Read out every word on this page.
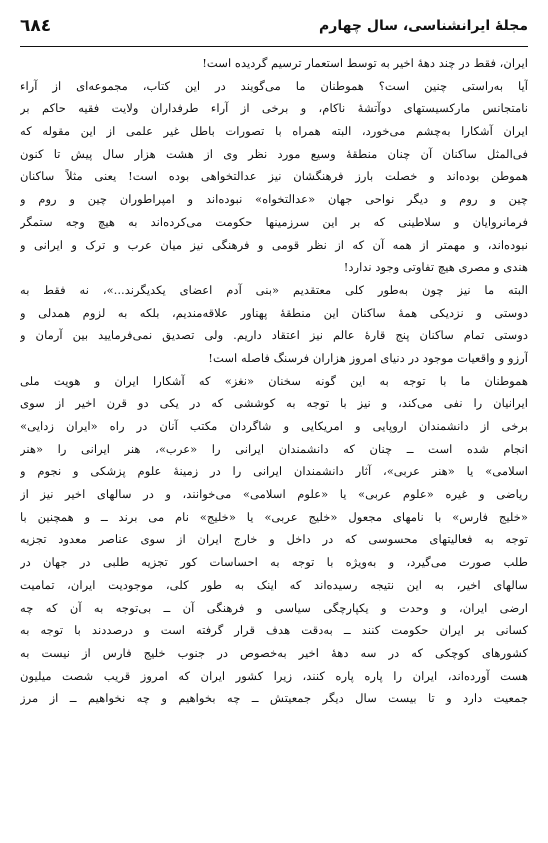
٦٨٤	مجلهٔ ایرانشناسی، سال چهارم
ایران، فقط در چند دههٔ اخیر به توسط استعمار ترسیم گردیده است!
آیا به‌راستی چنین است؟ هموطنان ما می‌گویند در این کتاب، مجموعه‌ای از آراء
نامتجانس مارکسیستهای دوآتشهٔ ناکام، و برخی از آراء طرفداران ولایت فقیه حاکم بر
ایران آشکارا به‌چشم می‌خورد، البته همراه با تصورات باطل غیر علمی از این مقوله که
فی‌المثل ساکنان آن چنان منطقهٔ وسیع مورد نظر وی از هشت هزار سال پیش تا کنون
هموطن بوده‌اند و خصلت بارز فرهنگشان نیز عدالتخواهی بوده است! یعنی مثلاً ساکنان
چین و روم و دیگر نواحی جهان «عدالتخواه» نبوده‌اند و امپراطوران چین و روم و
فرمانروایان و سلاطینی که بر این سرزمینها حکومت می‌کرده‌اند به هیچ وجه ستمگر
نبوده‌اند، و مهمتر از همه آن که از نظر قومی و فرهنگی نیز میان عرب و ترک و ایرانی و
هندی و مصری هیچ تفاوتی وجود ندارد!
البته ما نیز چون به‌طور کلی معتقدیم «بنی آدم اعضای یکدیگرند...»، نه فقط به
دوستی و نزدیکی همهٔ ساکنان این منطقهٔ پهناور علاقه‌مندیم، بلکه به لزوم همدلی و
دوستی تمام ساکنان پنج قارهٔ عالم نیز اعتقاد داریم. ولی تصدیق نمی‌فرمایید بین آرمان و
آرزو و واقعیات موجود در دنیای امروز هزاران فرسنگ فاصله است!
هموطنان ما با توجه به این گونه سخنان «نغز» که آشکارا ایران و هویت ملی
ایرانیان را نفی می‌کند، و نیز با توجه به کوششی که در یکی دو قرن اخیر از سوی
برخی از دانشمندان اروپایی و امریکایی و شاگردان مکتب آنان در راه «ایران زدایی»
انجام شده است ــ چنان که دانشمندان ایرانی را «عرب»، هنر ایرانی را «هنر
اسلامی» یا «هنر عربی»، آثار دانشمندان ایرانی را در زمینهٔ علوم پزشکی و نجوم و
ریاضی و غیره «علوم عربی» یا «علوم اسلامی» می‌خوانند، و در سالهای اخیر نیز از
«خلیج فارس» با نامهای مجعول «خلیج عربی» یا «خلیج» نام می برند ــ و همچنین با
توجه به فعالیتهای محسوسی که در داخل و خارج ایران از سوی عناصر معدود تجزیه
طلب صورت می‌گیرد، و به‌ویژه با توجه به احساسات کور تجزیه طلبی در جهان در
سالهای اخیر، به این نتیجه رسیده‌اند که اینک به طور کلی، موجودیت ایران، تمامیت
ارضی ایران، و وحدت و یکپارچگی سیاسی و فرهنگی آن ــ بی‌توجه به آن که چه
کسانی بر ایران حکومت کنند ــ به‌دقت هدف قرار گرفته است و درصددند با توجه به
کشورهای کوچکی که در سه دههٔ اخیر به‌خصوص در جنوب خلیج فارس از نیست به
هست آورده‌اند، ایران را پاره پاره کنند، زیرا کشور ایران که امروز قریب شصت میلیون
جمعیت دارد و تا بیست سال دیگر جمعیتش ــ چه بخواهیم و چه نخواهیم ــ از مرز
